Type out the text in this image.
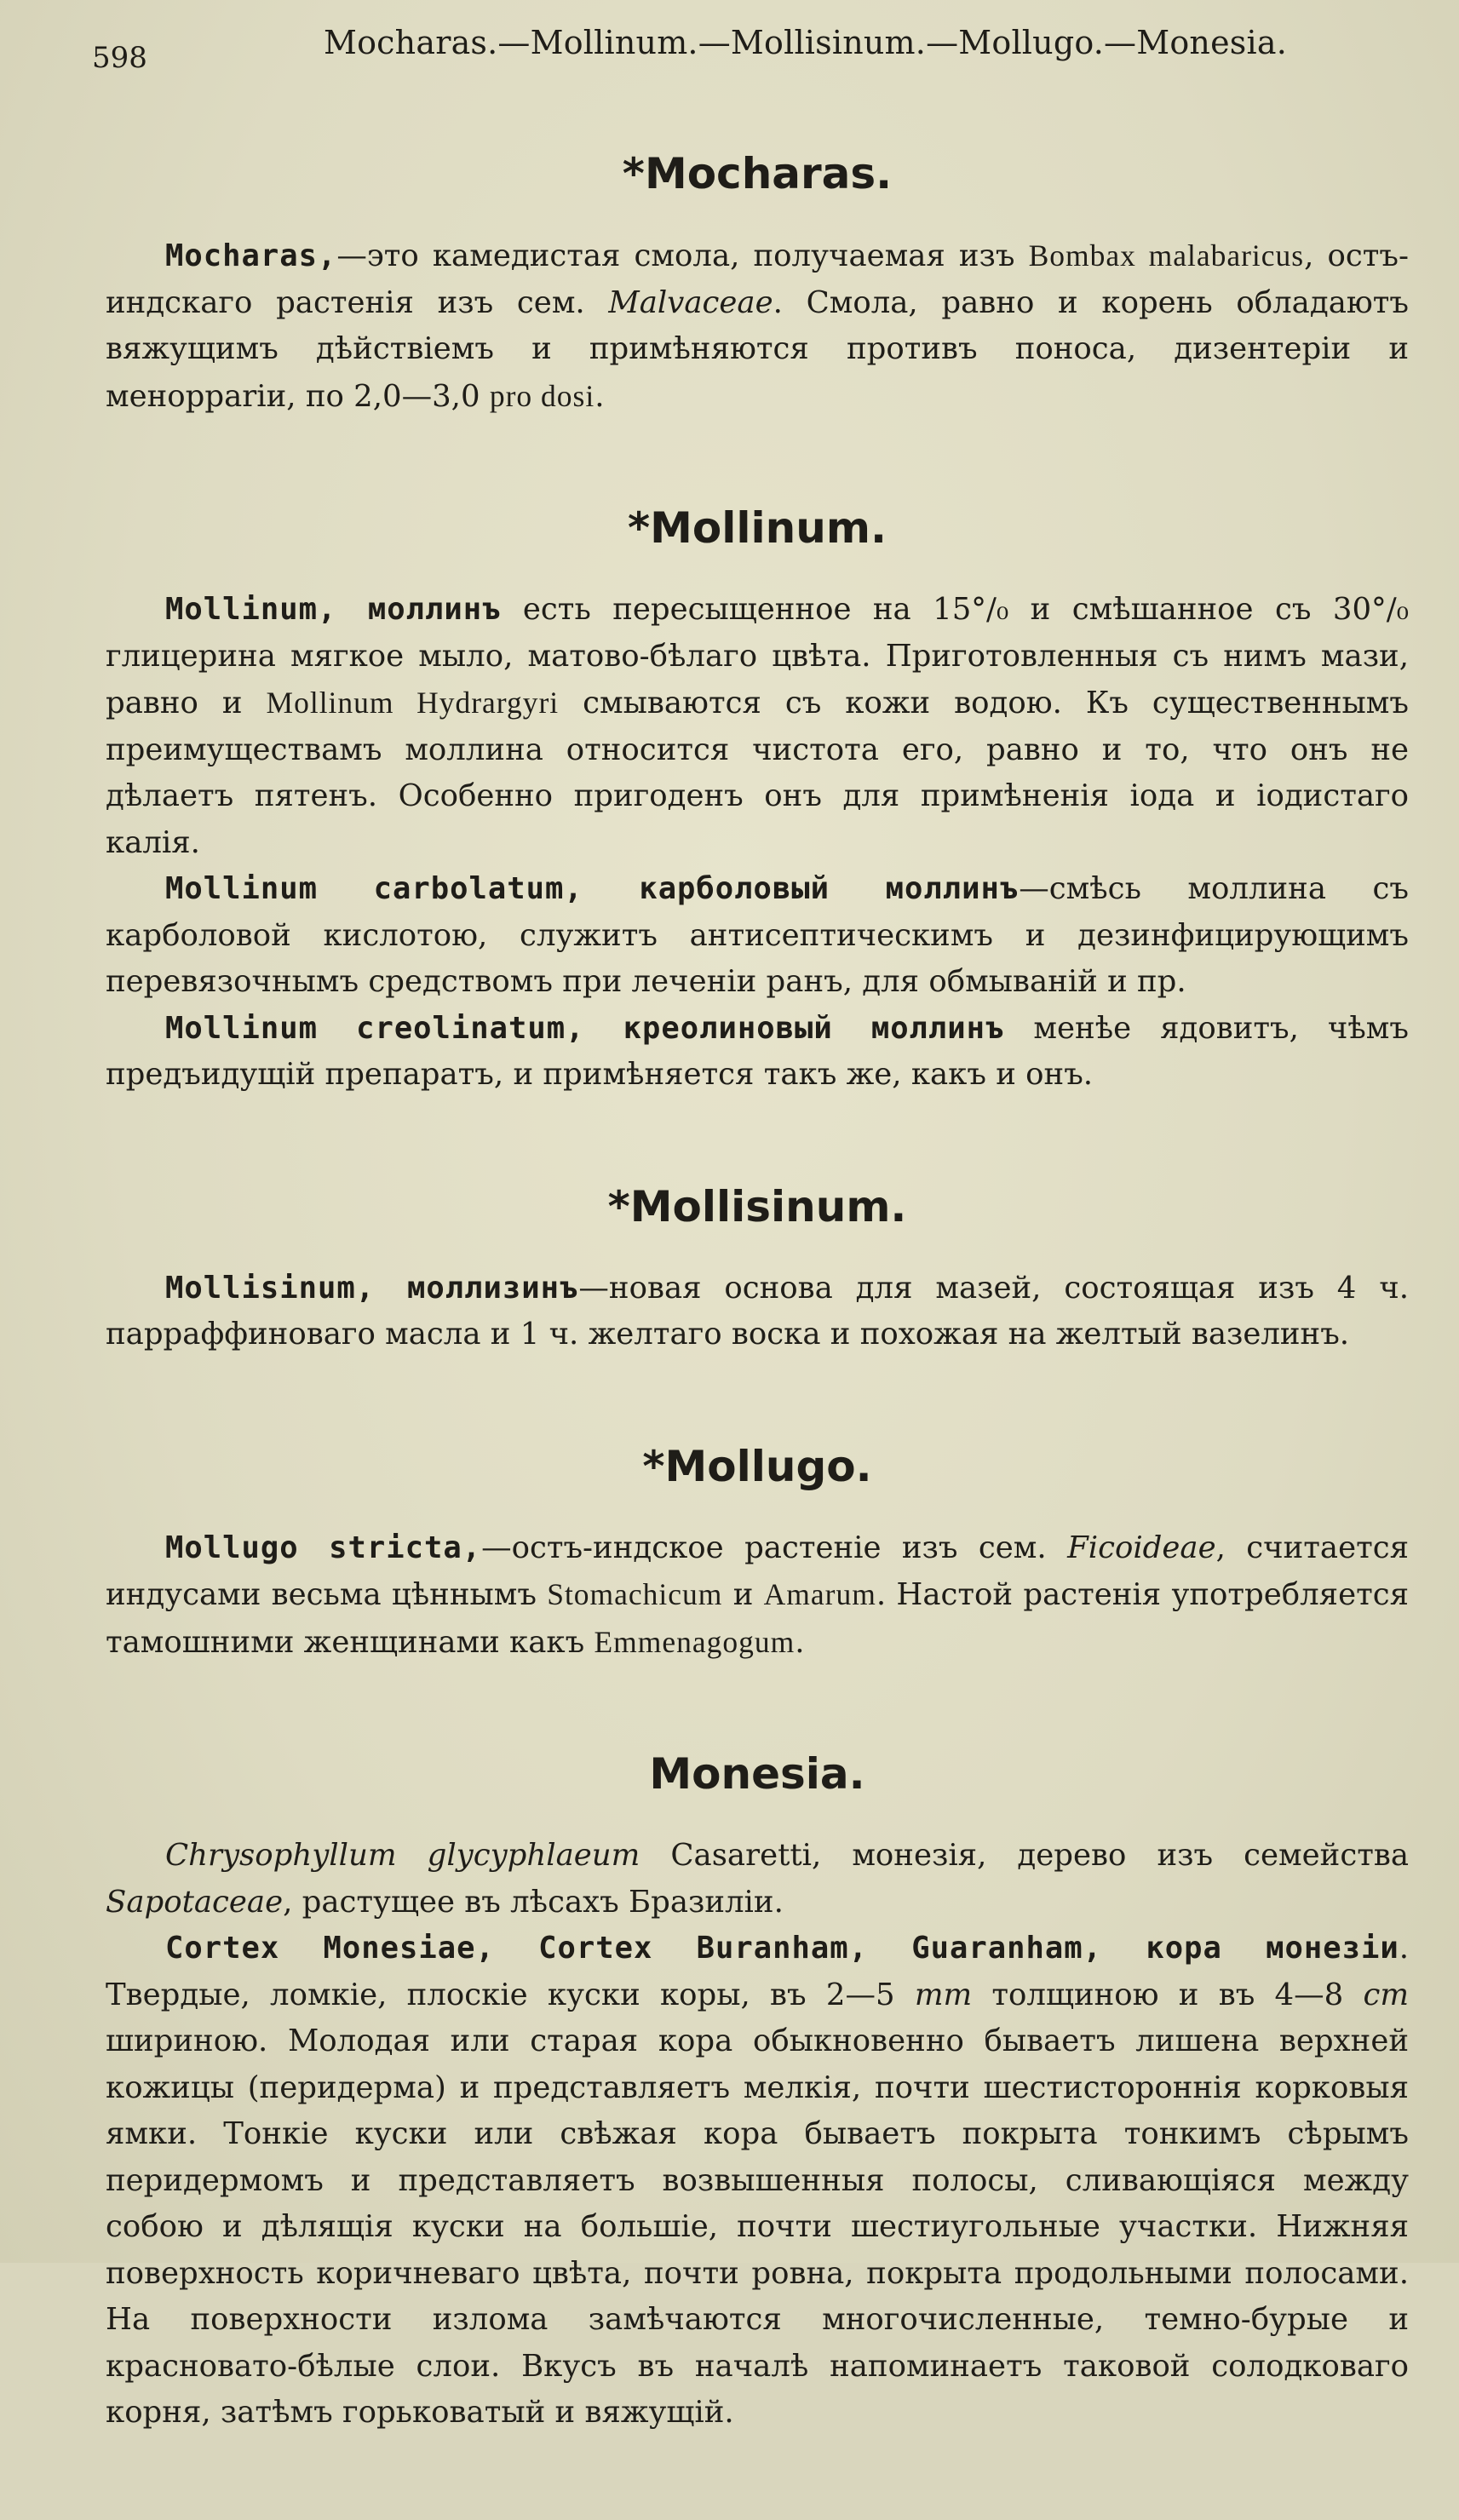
598	Mocharas.—Mollinum.—Mollisinum.—Mollugo.—Monesia.
*Mocharas.

Mocharas,—это камедистая смола, получаемая изъ Bombax malabaricus, остъ-индскаго растенія изъ сем. Malvaceae. Смола, равно и корень обладаютъ вяжущимъ дѣйствіемъ и примѣняются противъ поноса, дизентеріи и менорраrіи, по 2,0—3,0 pro dosi.

*Mollinum.

Mollinum, моллинъ есть пересыщенное на 15°/₀ и смѣшанное съ 30°/₀ глицерина мягкое мыло, матово-бѣлаго цвѣта. Приготовленныя съ нимъ мази, равно и Mollinum Hydrargyri смываются съ кожи водою. Къ существеннымъ преимуществамъ моллина относится чистота его, равно и то, что онъ не дѣлаетъ пятенъ. Особенно пригоденъ онъ для примѣненія іода и іодистаго калія.

Mollinum carbolatum, карболовый моллинъ—смѣсь моллина съ карболовой кислотою, служитъ антисептическимъ и дезинфицирующимъ перевязочнымъ средствомъ при леченіи ранъ, для обмываній и пр.

Mollinum creolinatum, креолиновый моллинъ менѣе ядовитъ, чѣмъ предъидущій препаратъ, и примѣняется такъ же, какъ и онъ.

*Mollisinum.

Mollisinum, моллизинъ—новая основа для мазей, состоящая изъ 4 ч. парраффиноваго масла и 1 ч. желтаго воска и похожая на желтый вазелинъ.

*Mollugo.

Mollugo stricta,—остъ-индское растеніе изъ сем. Ficoideae, считается индусами весьма цѣннымъ Stomachicum и Amarum. Настой растенія употребляется тамошними женщинами какъ Emmenagogum.

Monesia.

Chrysophyllum glycyphlaeum Casaretti, монезія, дерево изъ семейства Sapotaceae, растущее въ лѣсахъ Бразиліи.

Cortex Monesiae, Cortex Buranham, Guaranham, кора монезіи. Твердые, ломкіе, плоскіе куски коры, въ 2—5 mm толщиною и въ 4—8 cm шириною. Молодая или старая кора обыкновенно бываетъ лишена верхней кожицы (перидерма) и представляетъ мелкія, почти шестистороннія корковыя ямки. Тонкіе куски или свѣжая кора бываетъ покрыта тонкимъ сѣрымъ перидермомъ и представляетъ возвышенныя полосы, сливающіяся между собою и дѣлящія куски на большіе, почти шестиугольные участки. Нижняя поверхность коричневаго цвѣта, почти ровна, покрыта продольными полосами. На поверхности излома замѣчаются многочисленные, темно-бурые и красновато-бѣлые слои. Вкусъ въ началѣ напоминаетъ таковой солодковаго корня, затѣмъ горьковатый и вяжущій.
